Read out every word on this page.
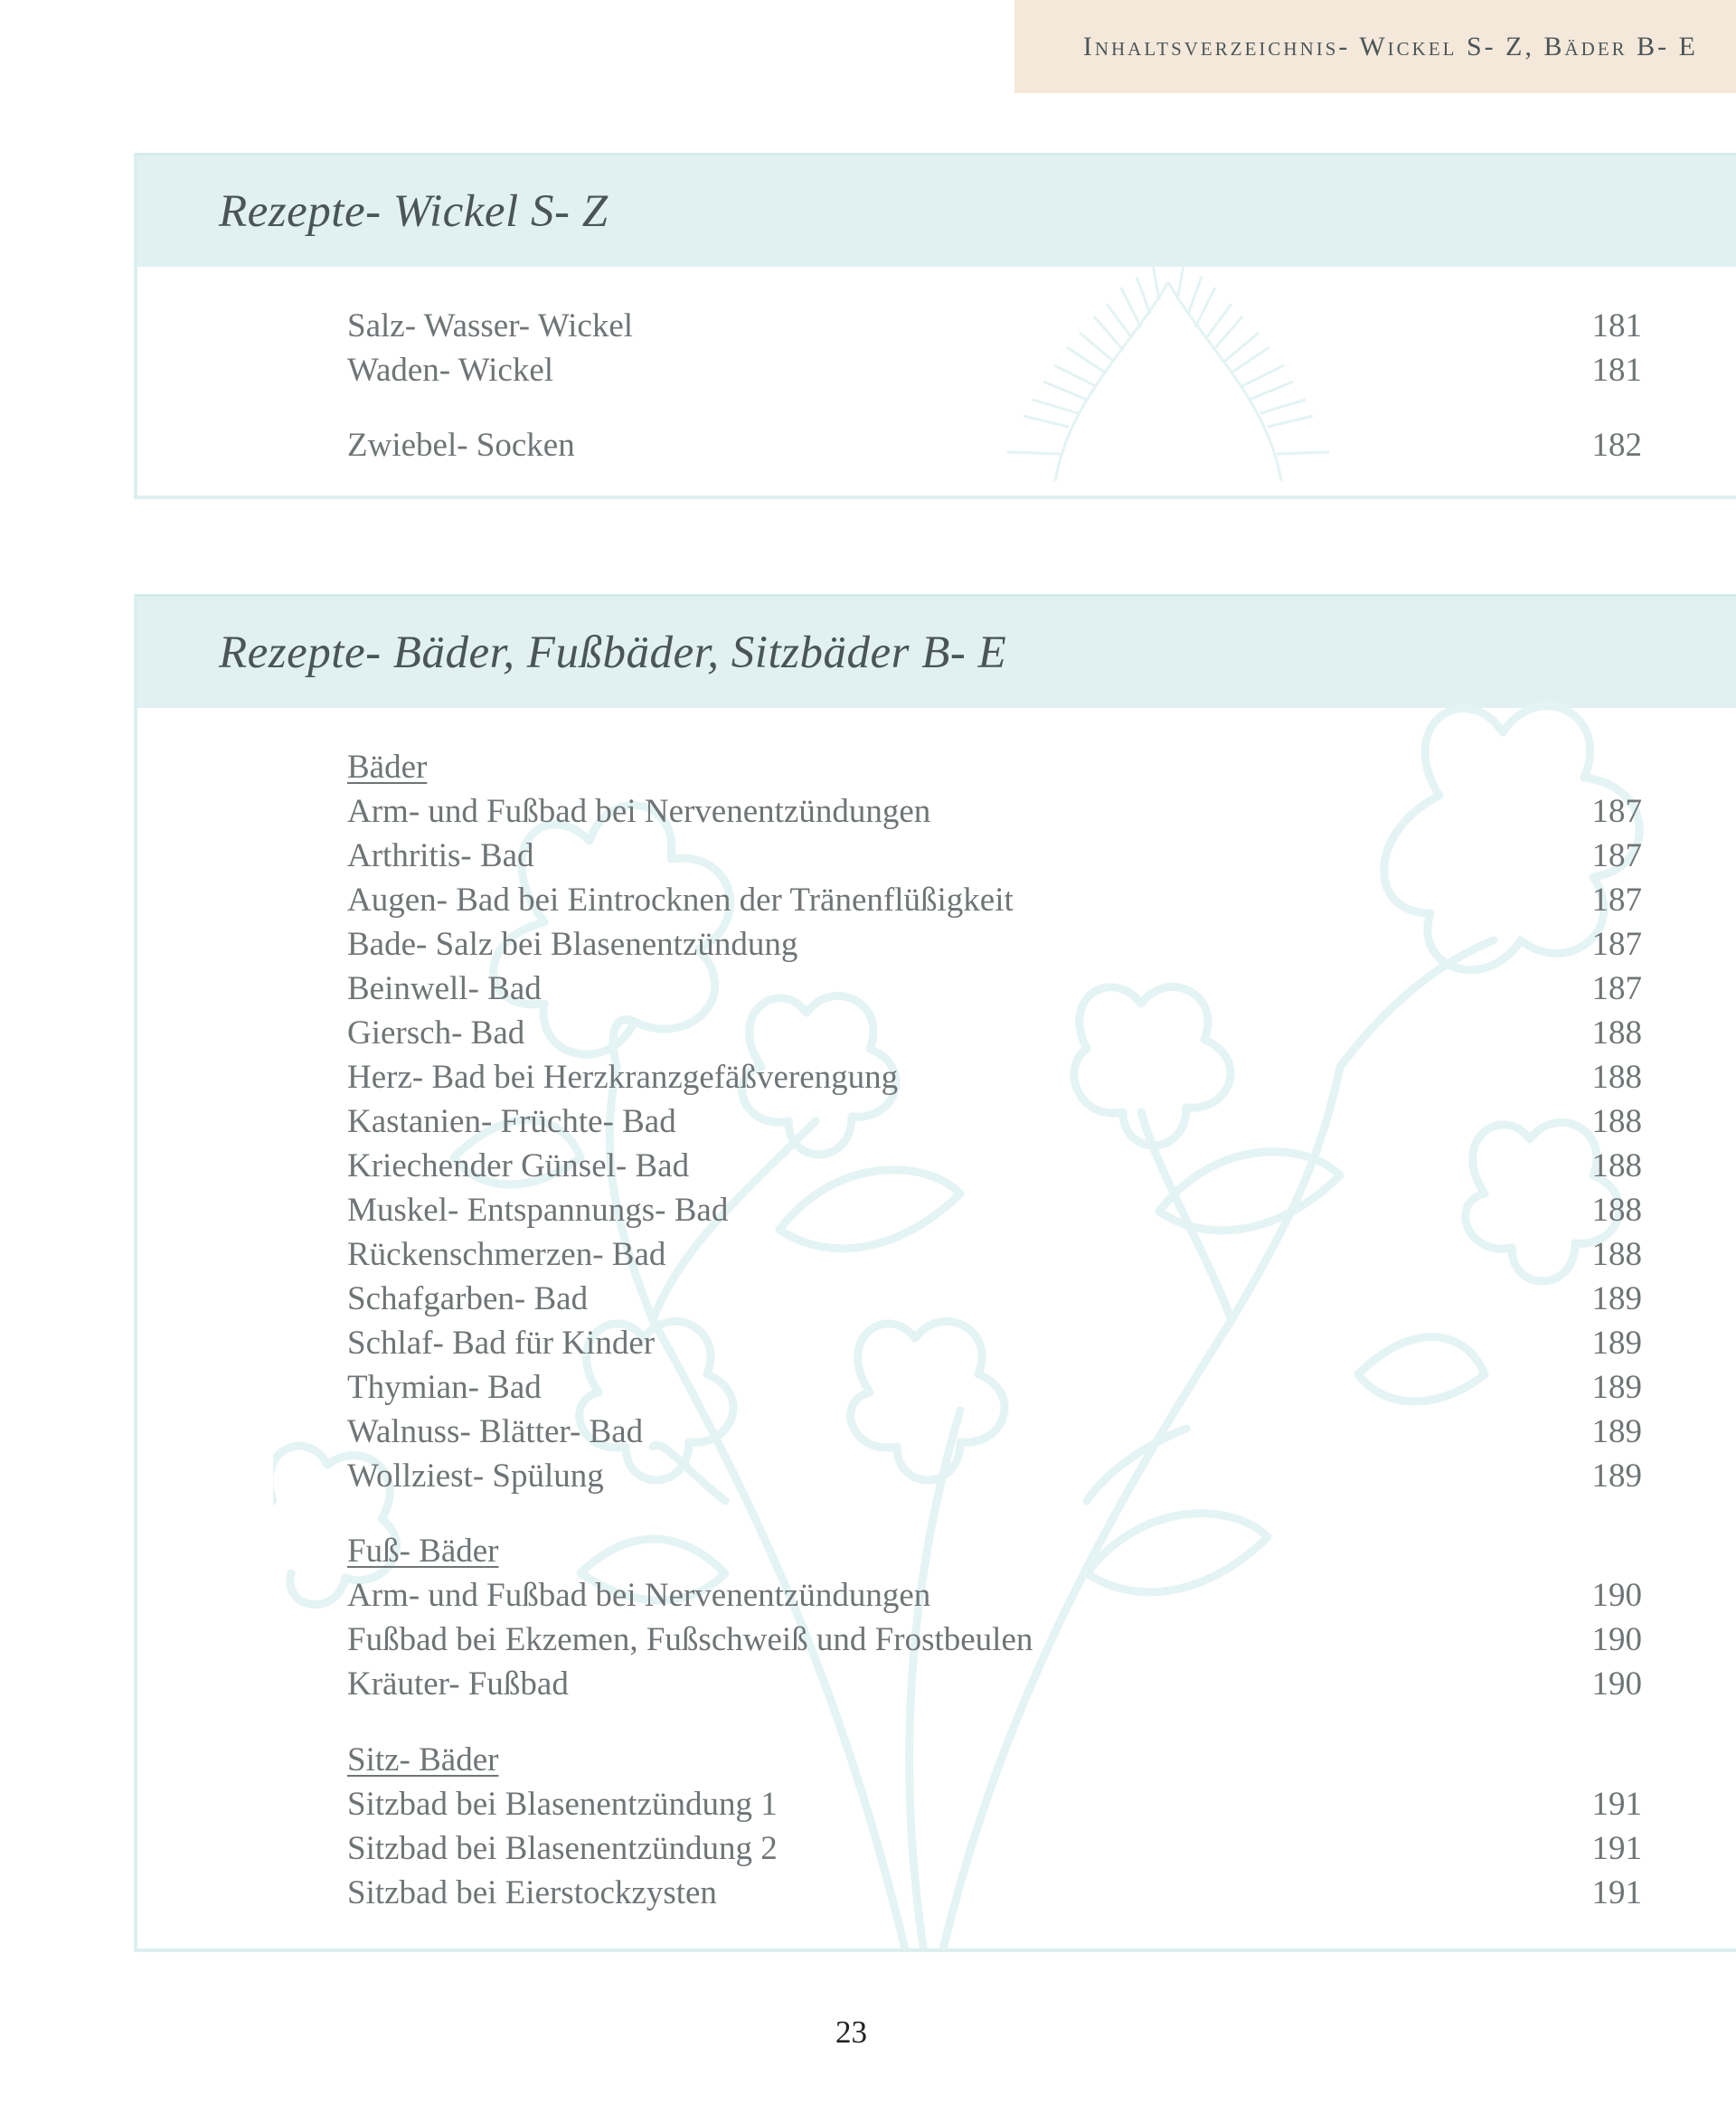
Inhaltsverzeichnis- Wickel S- Z, Bäder B- E
Rezepte- Wickel S- Z
Salz- Wasser- Wickel	181
Waden- Wickel	181
Zwiebel- Socken	182
Rezepte- Bäder, Fußbäder, Sitzbäder B- E
Bäder
Arm- und Fußbad bei Nervenentzündungen	187
Arthritis- Bad	187
Augen- Bad bei Eintrocknen der Tränenflüßigkeit	187
Bade- Salz bei Blasenentzündung	187
Beinwell- Bad	187
Giersch- Bad	188
Herz- Bad bei Herzkranzgefäßverengung	188
Kastanien- Früchte- Bad	188
Kriechender Günsel- Bad	188
Muskel- Entspannungs- Bad	188
Rückenschmerzen- Bad	188
Schafgarben- Bad	189
Schlaf- Bad für Kinder	189
Thymian- Bad	189
Walnuss- Blätter- Bad	189
Wollziest- Spülung	189
Fuß- Bäder
Arm- und Fußbad bei Nervenentzündungen	190
Fußbad bei Ekzemen, Fußschweiß und Frostbeulen	190
Kräuter- Fußbad	190
Sitz- Bäder
Sitzbad bei Blasenentzündung 1	191
Sitzbad bei Blasenentzündung 2	191
Sitzbad bei Eierstockzysten	191
23
